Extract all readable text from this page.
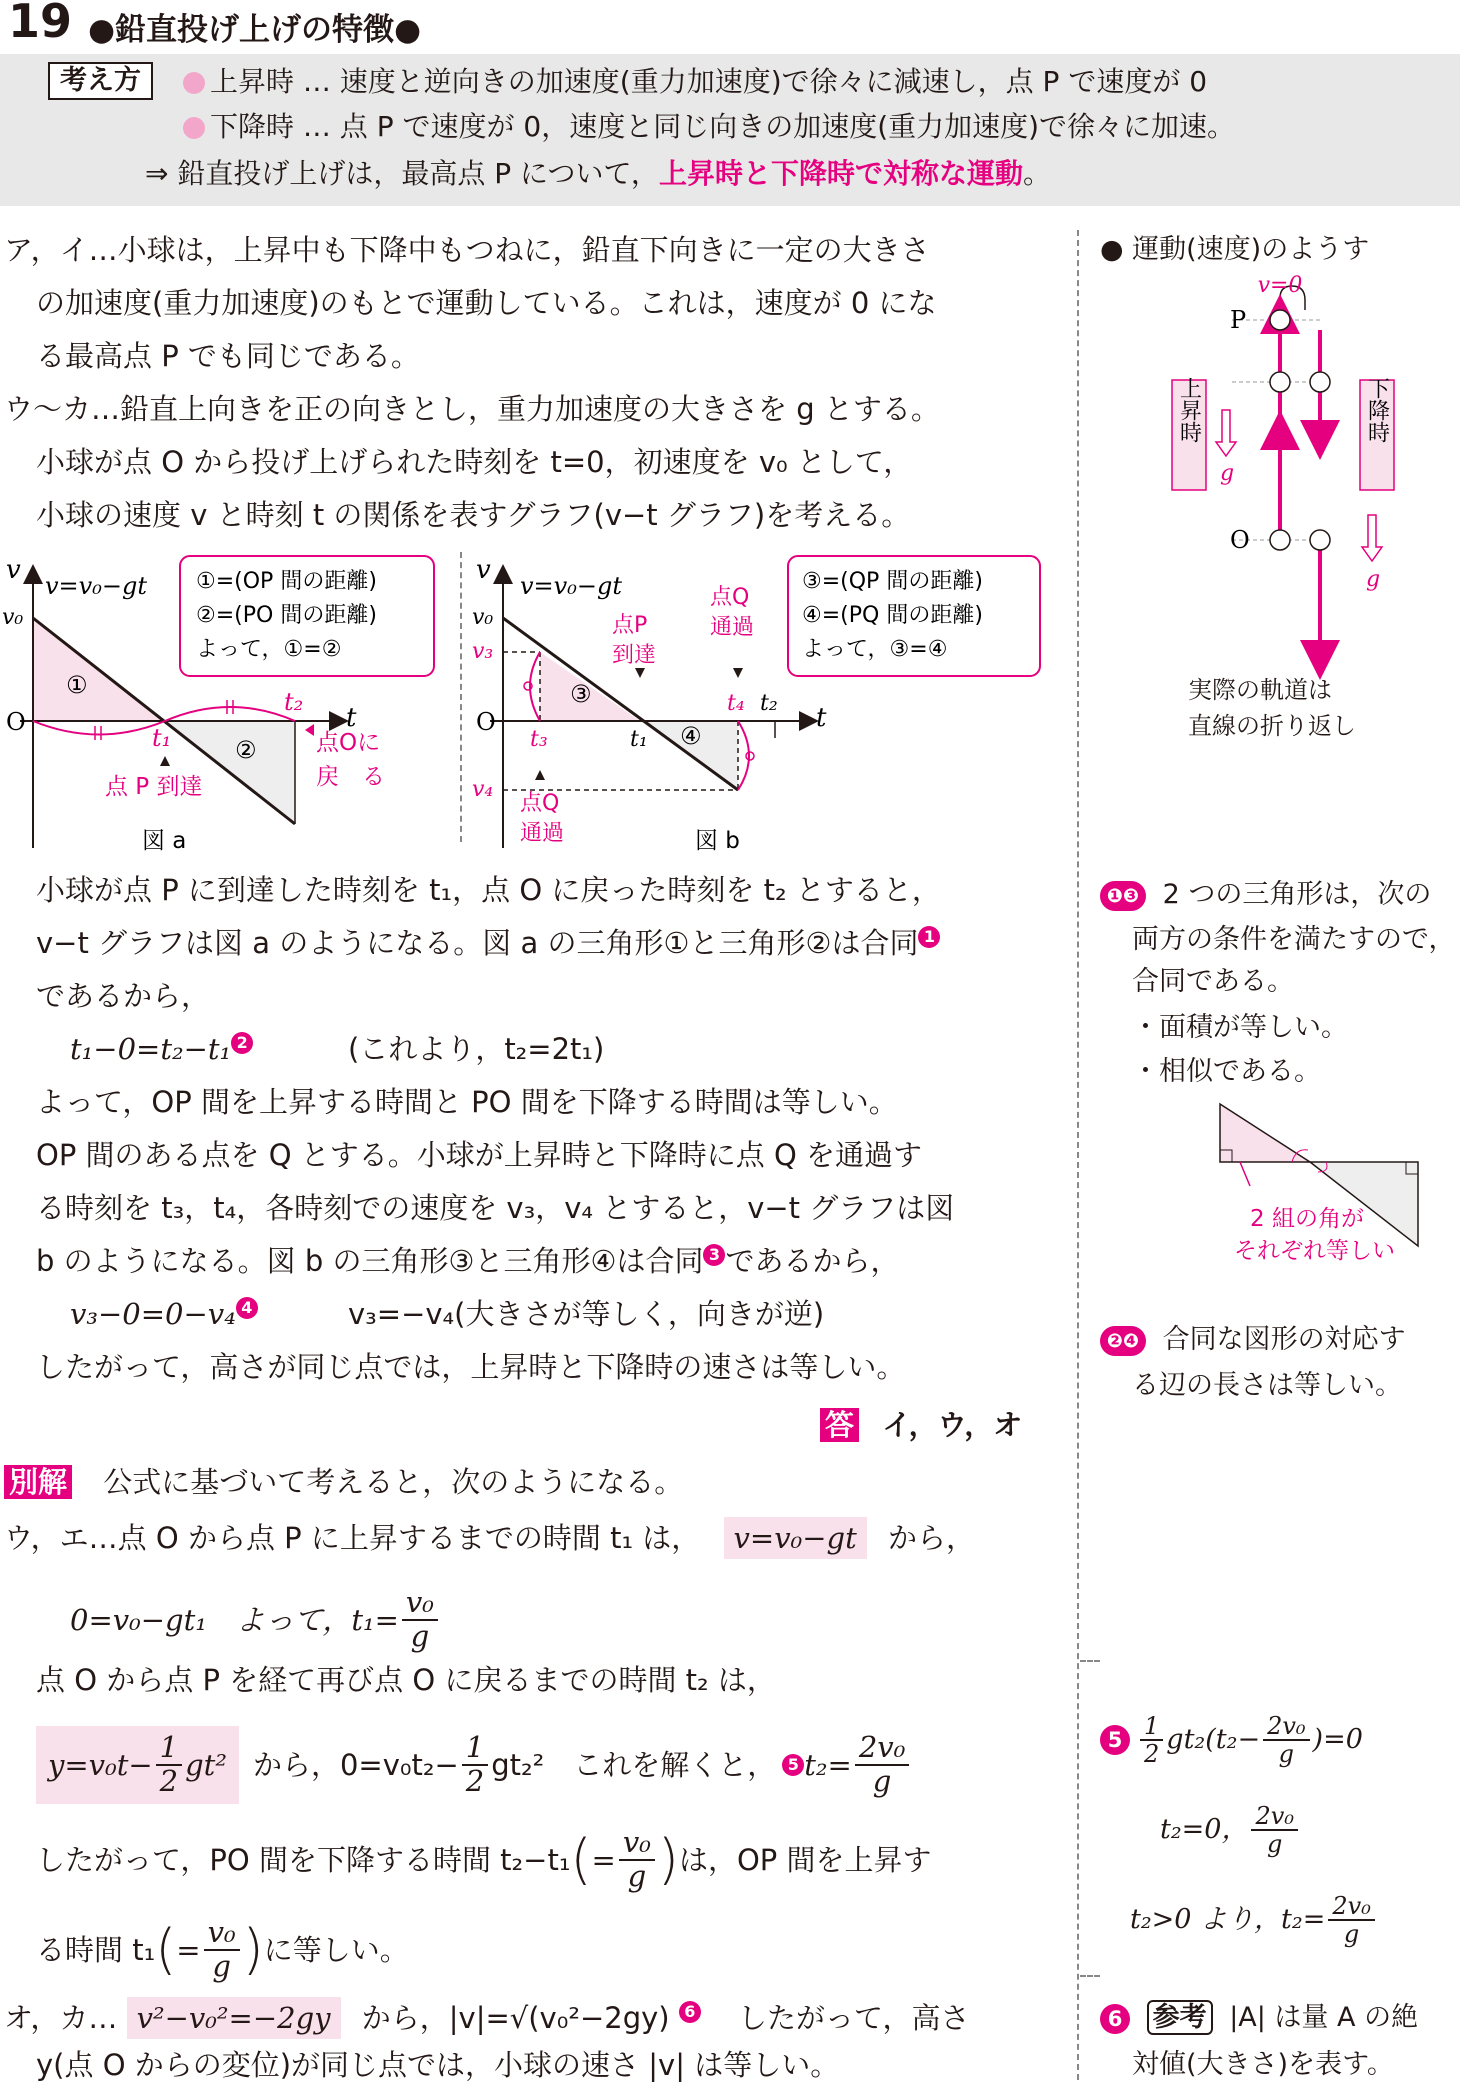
19 ●鉛直投げ上げの特徴●
考え方	上昇時 … 速度と逆向きの加速度(重力加速度)で徐々に減速し，点 P で速度が 0
下降時 … 点 P で速度が 0，速度と同じ向きの加速度(重力加速度)で徐々に加速。
⇒ 鉛直投げ上げは，最高点 P について，上昇時と下降時で対称な運動。
ア，イ…小球は，上昇中も下降中もつねに，鉛直下向きに一定の大きさ
の加速度(重力加速度)のもとで運動している。これは，速度が 0 にな
る最高点 P でも同じである。
ウ～カ…鉛直上向きを正の向きとし，重力加速度の大きさを g とする。
小球が点 O から投げ上げられた時刻を t=0，初速度を v₀ として，
小球の速度 v と時刻 t の関係を表すグラフ(v−t グラフ)を考える。
v
t
O
v₀
v=v₀−gt
①
②
t₁
t₂
点 P 到達
点Oに
戻　る
①=(OP 間の距離)
②=(PO 間の距離)
よって，①=②
図 a
v
t
O
v₀
v₃
v₄
v=v₀−gt
③
④
t₁
t₂
t₃
t₄
点P
到達
点Q
通過
点Q
通過
③=(QP 間の距離)
④=(PQ 間の距離)
よって，③=④
図 b
小球が点 P に到達した時刻を t₁，点 O に戻った時刻を t₂ とすると，
v−t グラフは図 a のようになる。図 a の三角形①と三角形②は合同 1
であるから，
t₁−0=t₂−t₁ 2	(これより，t₂=2t₁)
よって，OP 間を上昇する時間と PO 間を下降する時間は等しい。
OP 間のある点を Q とする。小球が上昇時と下降時に点 Q を通過す
る時刻を t₃，t₄，各時刻での速度を v₃，v₄ とすると，v−t グラフは図
b のようになる。図 b の三角形③と三角形④は合同 3 であるから，
v₃−0=0−v₄ 4	v₃=−v₄(大きさが等しく，向きが逆)
したがって，高さが同じ点では，上昇時と下降時の速さは等しい。
答 イ，ウ，オ
別解 公式に基づいて考えると，次のようになる。
ウ，エ…点 O から点 P に上昇するまでの時間 t₁ は， v=v₀−gt から，
0=v₀−gt₁　よって，$t_1= \frac{\text{v₀}}{g}$
点 O から点 P を経て再び点 O に戻るまでの時間 t₂ は，
$y=v_0t- \frac{1}{2} gt^2$ から，$0=v_0t_2- \frac{1}{2} gt_2^2$　これを解くと， 5 $t_2= \frac{\text{2v₀}}{g}$
したがって，PO 間を下降する時間 t₂−t₁ ( = $\frac{\text{v₀}}{g}$ ) は，OP 間を上昇す
る時間 t₁ ( = $\frac{\text{v₀}}{g}$ ) に等しい。
オ，カ… v²−v₀²=−2gy から，|v|=√(v₀²−2gy) 6 したがって，高さ
y(点 O からの変位)が同じ点では，小球の速さ |v| は等しい。
● 運動(速度)のようす
v=0
P
O
上昇時	下降時
g
g
実際の軌道は
直線の折り返し
❶❸ 2 つの三角形は，次の
両方の条件を満たすので，
合同である。
・面積が等しい。
・相似である。
2 組の角が
それぞれ等しい
❷❹ 合同な図形の対応す
る辺の長さは等しい。
$5 \frac{1}{2} gt_2(t_2- \frac{\text{2v₀}}{g} )=0$
t₂=0， $\frac{\text{2v₀}}{g}$
t₂>0 より，$t_2= \frac{\text{2v₀}}{g}$
6 参考 |A| は量 A の絶
対値(大きさ)を表す。
